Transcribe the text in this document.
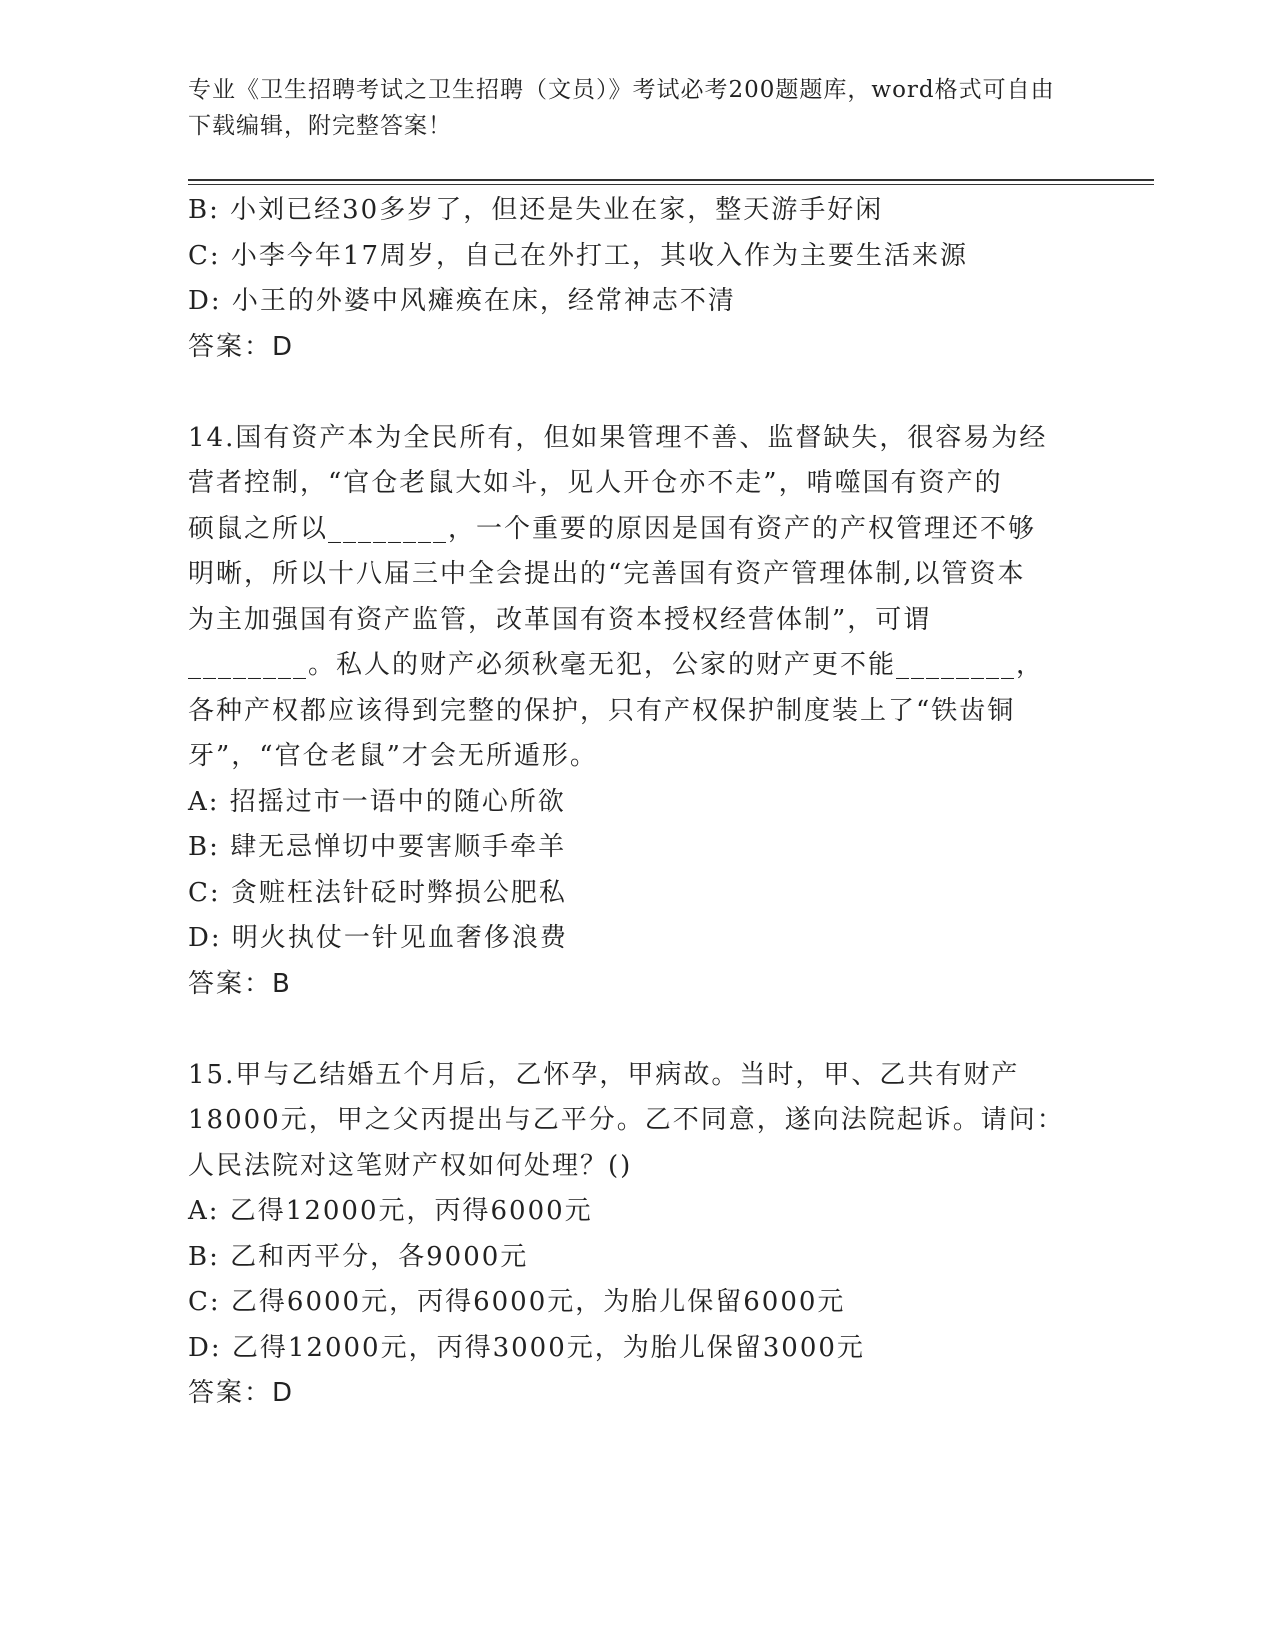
专业《卫生招聘考试之卫生招聘（文员）》考试必考200题题库，word格式可自由下载编辑，附完整答案！
B: 小刘已经30多岁了，但还是失业在家，整天游手好闲
C: 小李今年17周岁，自己在外打工，其收入作为主要生活来源
D: 小王的外婆中风瘫痪在床，经常神志不清
答案：D
14.国有资产本为全民所有，但如果管理不善、监督缺失，很容易为经
营者控制，“官仓老鼠大如斗，见人开仓亦不走”，啃噬国有资产的
硕鼠之所以________，一个重要的原因是国有资产的产权管理还不够
明晰，所以十八届三中全会提出的“完善国有资产管理体制,以管资本
为主加强国有资产监管，改革国有资本授权经营体制”，可谓
________。私人的财产必须秋毫无犯，公家的财产更不能________，
各种产权都应该得到完整的保护，只有产权保护制度装上了“铁齿铜
牙”，“官仓老鼠”才会无所遁形。
A: 招摇过市一语中的随心所欲
B: 肆无忌惮切中要害顺手牵羊
C: 贪赃枉法针砭时弊损公肥私
D: 明火执仗一针见血奢侈浪费
答案：B
15.甲与乙结婚五个月后，乙怀孕，甲病故。当时，甲、乙共有财产
18000元，甲之父丙提出与乙平分。乙不同意，遂向法院起诉。请问：
人民法院对这笔财产权如何处理？()
A: 乙得12000元，丙得6000元
B: 乙和丙平分，各9000元
C: 乙得6000元，丙得6000元，为胎儿保留6000元
D: 乙得12000元，丙得3000元，为胎儿保留3000元
答案：D
